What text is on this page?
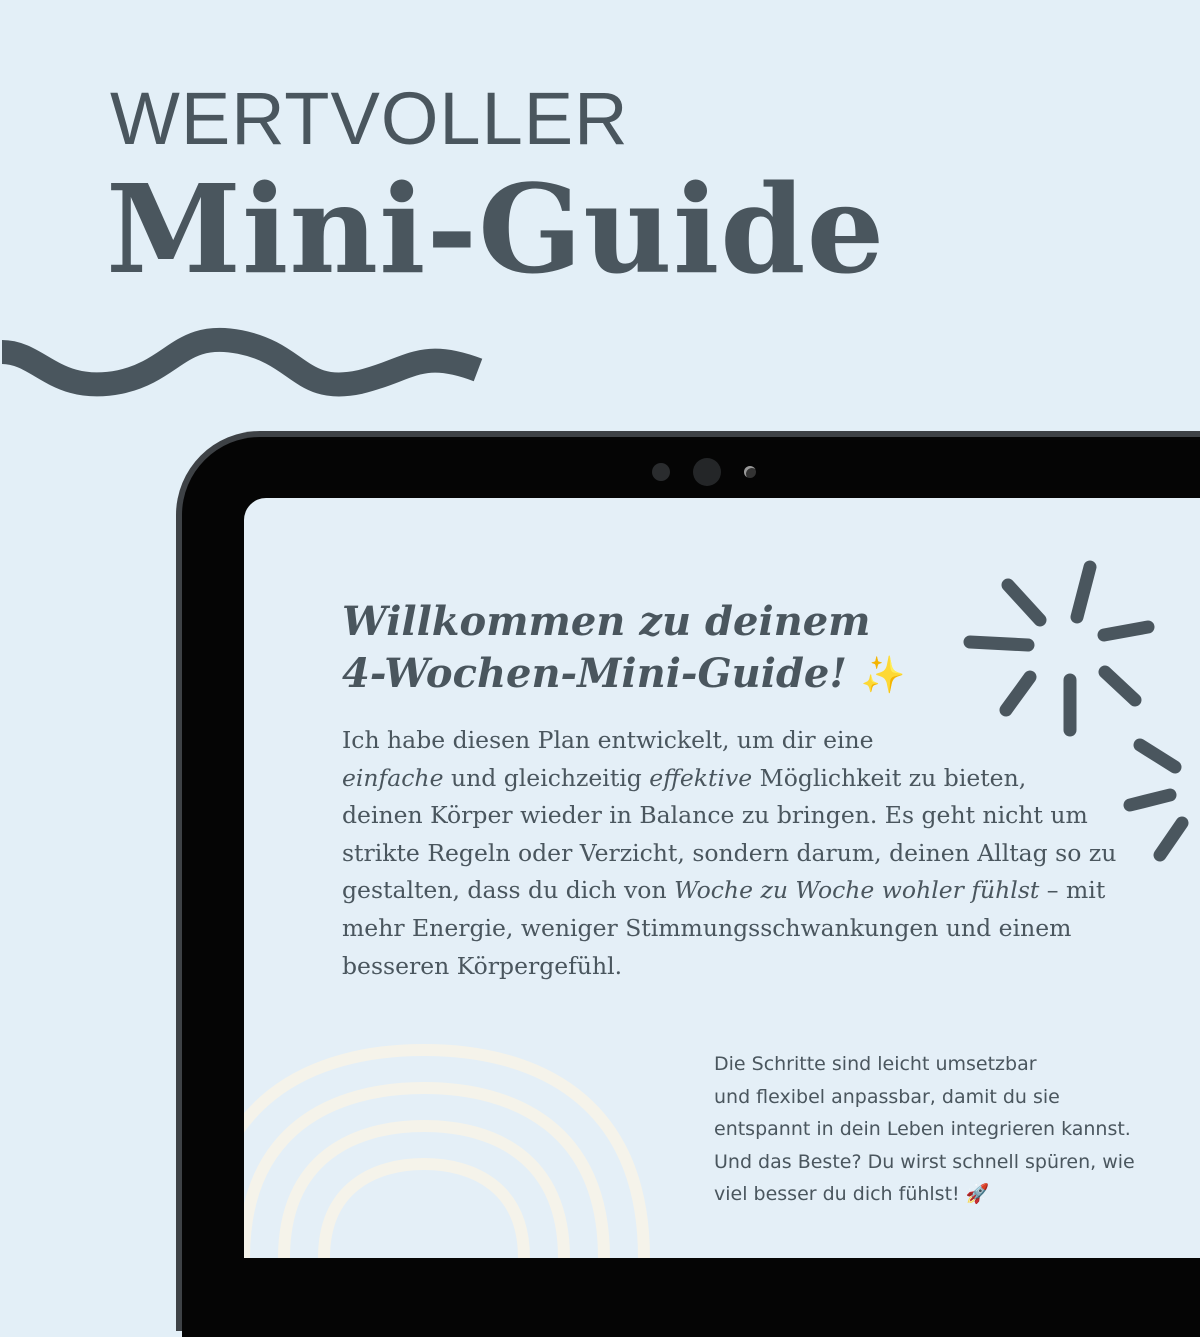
WERTVOLLER
Mini-Guide
Willkommen zu deinem
4-Wochen-Mini-Guide! ✨
Ich habe diesen Plan entwickelt, um dir eine
einfache und gleichzeitig effektive Möglichkeit zu bieten,
deinen Körper wieder in Balance zu bringen. Es geht nicht um
strikte Regeln oder Verzicht, sondern darum, deinen Alltag so zu
gestalten, dass du dich von Woche zu Woche wohler fühlst – mit
mehr Energie, weniger Stimmungsschwankungen und einem
besseren Körpergefühl.
Die Schritte sind leicht umsetzbar
und flexibel anpassbar, damit du sie
entspannt in dein Leben integrieren kannst.
Und das Beste? Du wirst schnell spüren, wie
viel besser du dich fühlst! 🚀
